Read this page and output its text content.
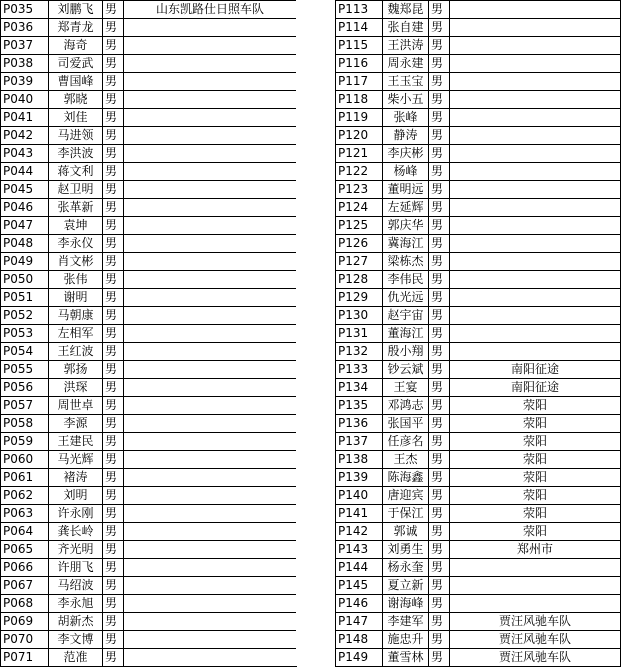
P035	刘鹏飞	男	山东凯路仕日照车队
P036	郑青龙	男	
P037	海奇	男	
P038	司爱武	男	
P039	曹国峰	男	
P040	郭晓	男	
P041	刘佳	男	
P042	马进领	男	
P043	李洪波	男	
P044	蒋文利	男	
P045	赵卫明	男	
P046	张革新	男	
P047	袁坤	男	
P048	李永仪	男	
P049	肖文彬	男	
P050	张伟	男	
P051	谢明	男	
P052	马朝康	男	
P053	左相军	男	
P054	王红波	男	
P055	郭扬	男	
P056	洪琛	男	
P057	周世卓	男	
P058	李源	男	
P059	王建民	男	
P060	马光辉	男	
P061	褚涛	男	
P062	刘明	男	
P063	许永刚	男	
P064	龚长岭	男	
P065	齐光明	男	
P066	许朋飞	男	
P067	马绍波	男	
P068	李永旭	男	
P069	胡新杰	男	
P070	李文博	男	
P071	范准	男	
P113	魏郑昆	男	
P114	张自建	男	
P115	王洪涛	男	
P116	周永建	男	
P117	王玉宝	男	
P118	柴小五	男	
P119	张峰	男	
P120	静涛	男	
P121	李庆彬	男	
P122	杨峰	男	
P123	董明远	男	
P124	左延辉	男	
P125	郭庆华	男	
P126	冀海江	男	
P127	梁栋杰	男	
P128	李伟民	男	
P129	仇光远	男	
P130	赵宇宙	男	
P131	董海江	男	
P132	殷小翔	男	
P133	钞云斌	男	南阳征途
P134	王宴	男	南阳征途
P135	邓鸿志	男	荥阳
P136	张国平	男	荥阳
P137	任彦名	男	荥阳
P138	王杰	男	荥阳
P139	陈海鑫	男	荥阳
P140	唐迎宾	男	荥阳
P141	于保江	男	荥阳
P142	郭诚	男	荥阳
P143	刘勇生	男	郑州市
P144	杨永奎	男	
P145	夏立新	男	
P146	谢海峰	男	
P147	李建军	男	贾汪风驰车队
P148	施忠升	男	贾汪风驰车队
P149	董雪林	男	贾汪风驰车队
